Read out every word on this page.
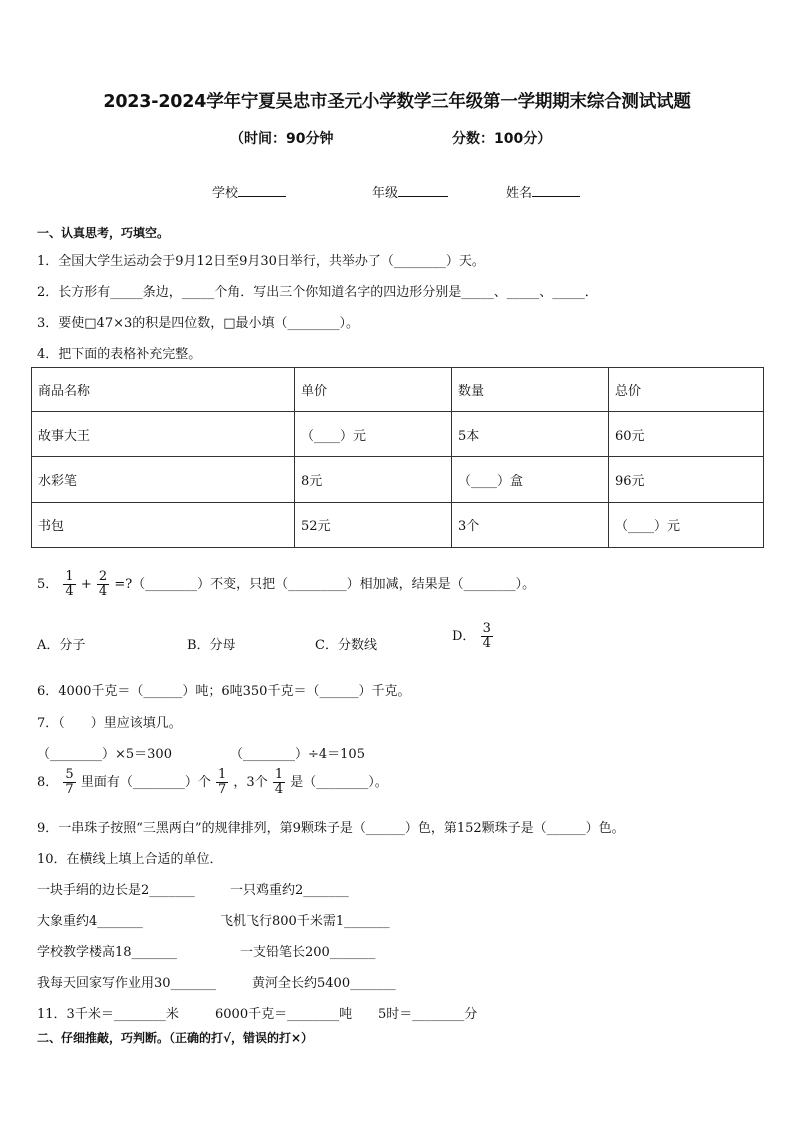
2023-2024学年宁夏吴忠市圣元小学数学三年级第一学期期末综合测试试题
（时间：90分钟	分数：100分）
学校	年级	姓名
一、认真思考，巧填空。
1．全国大学生运动会于9月12日至9月30日举行，共举办了（________）天。
2．长方形有_____条边，_____个角．写出三个你知道名字的四边形分别是_____、_____、_____．
3．要使□47×3的积是四位数，□最小填（________）。
4．把下面的表格补充完整。
商品名称	单价	数量	总价
故事大王	（____）元	5本	60元
水彩笔	8元	（____）盒	96元
书包	52元	3个	（____）元
5． $\frac{1}{4} + \frac{2}{4}$ =?（________）不变，只把（_________）相加减，结果是（________）。
A．分子	B．分母	C．分数线
D． $\frac{3}{4}$
6．4000千克＝（______）吨；6吨350千克＝（______）千克。
7．（　　）里应该填几。
（________）×5＝300	（________）÷4＝105
8． $\frac{5}{7}$ 里面有（________）个 $\frac{1}{7}$ ，3个 $\frac{1}{4}$ 是（________）。
9．一串珠子按照“三黑两白”的规律排列，第9颗珠子是（______）色，第152颗珠子是（______）色。
10．在横线上填上合适的单位．
一块手绢的边长是2_______	一只鸡重约2_______
大象重约4_______	飞机飞行800千米需1_______
学校教学楼高18_______	一支铅笔长200_______
我每天回家写作业用30_______	黄河全长约5400_______
11．3千米＝________米	6000千克＝________吨 5时＝________分
二、仔细推敲，巧判断。（正确的打√，错误的打×）
